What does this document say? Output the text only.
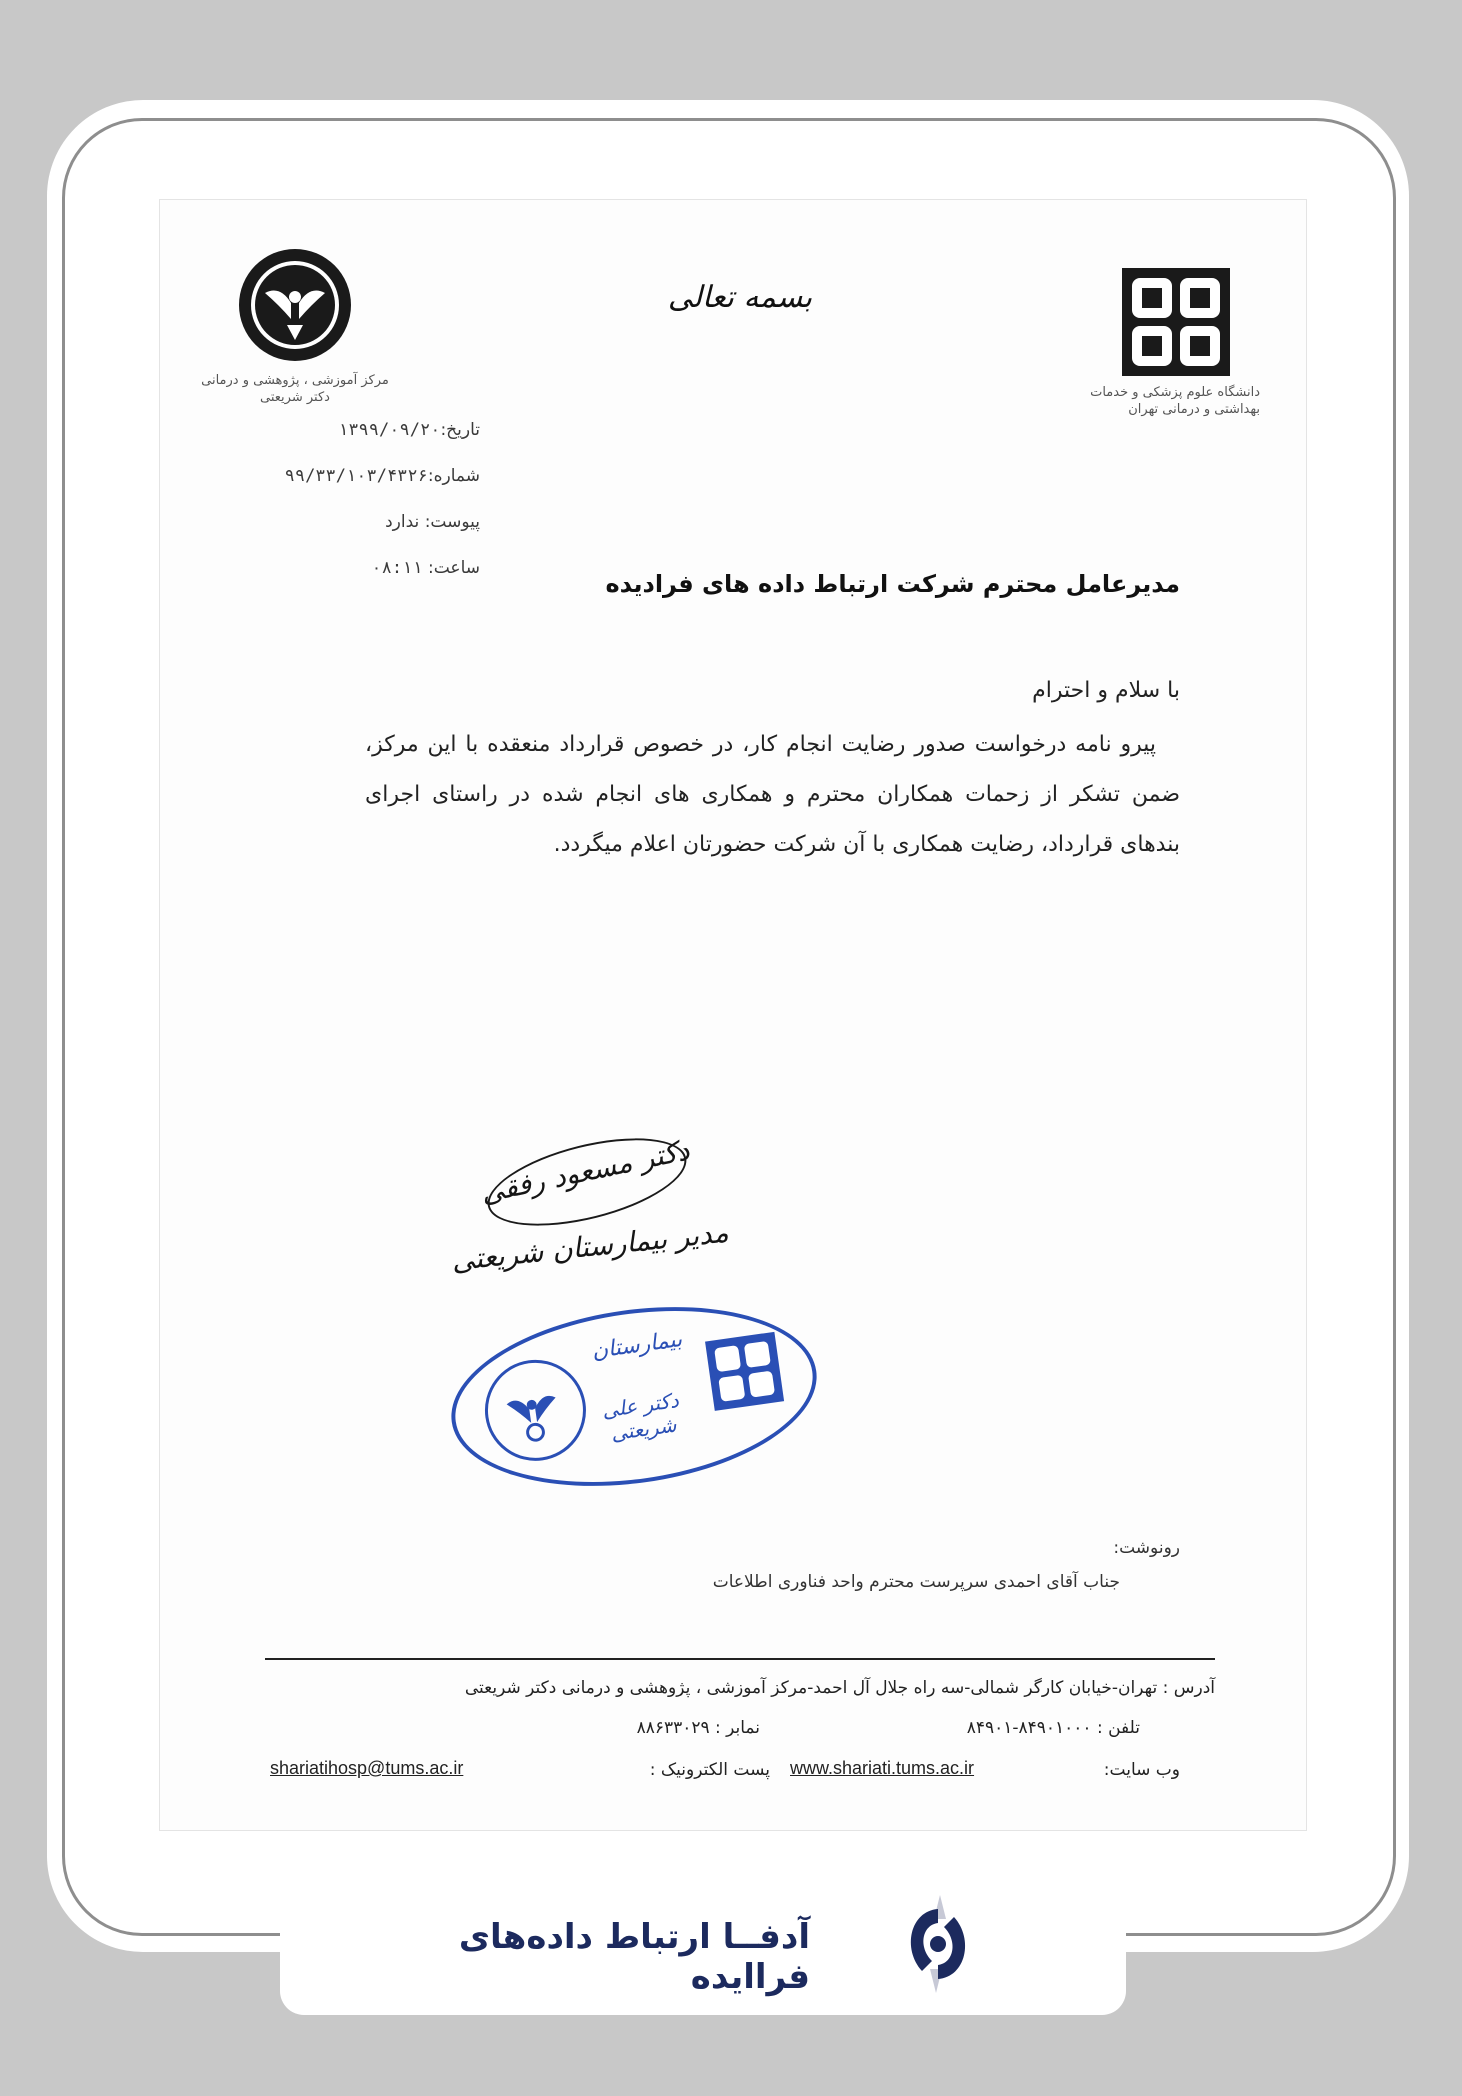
مرکز آموزشی ، پژوهشی و درمانی
دکتر شریعتی
بسمه تعالی
دانشگاه علوم پزشکی و خدمات
بهداشتی و درمانی تهران
تاریخ:۱۳۹۹/۰۹/۲۰
شماره:۹۹/۳۳/۱۰۳/۴۳۲۶
پیوست: ندارد
ساعت: ۰۸:۱۱
مدیرعامل محترم شرکت ارتباط داده های فرادیده
با سلام و احترام
پیرو نامه درخواست صدور رضایت انجام کار، در خصوص قرارداد منعقده با این مرکز، ضمن تشکر از زحمات همکاران محترم و همکاری های انجام شده در راستای اجرای بندهای قرارداد، رضایت همکاری با آن شرکت حضورتان اعلام میگردد.
دکتر مسعود رفقی
مدیر بیمارستان شریعتی
بیمارستان
دکتر علی شریعتی
رونوشت:
جناب آقای احمدی سرپرست محترم واحد فناوری اطلاعات
آدرس : تهران-خیابان کارگر شمالی-سه راه جلال آل احمد-مرکز آموزشی ، پژوهشی و درمانی دکتر شریعتی
تلفن : ۸۴۹۰۱۰۰۰-۸۴۹۰۱
نمابر : ۸۸۶۳۳۰۲۹
وب سایت:
www.shariati.tums.ac.ir
پست الکترونیک :
shariatihosp@tums.ac.ir
آدفــا ارتباط داده‌های فراایده
